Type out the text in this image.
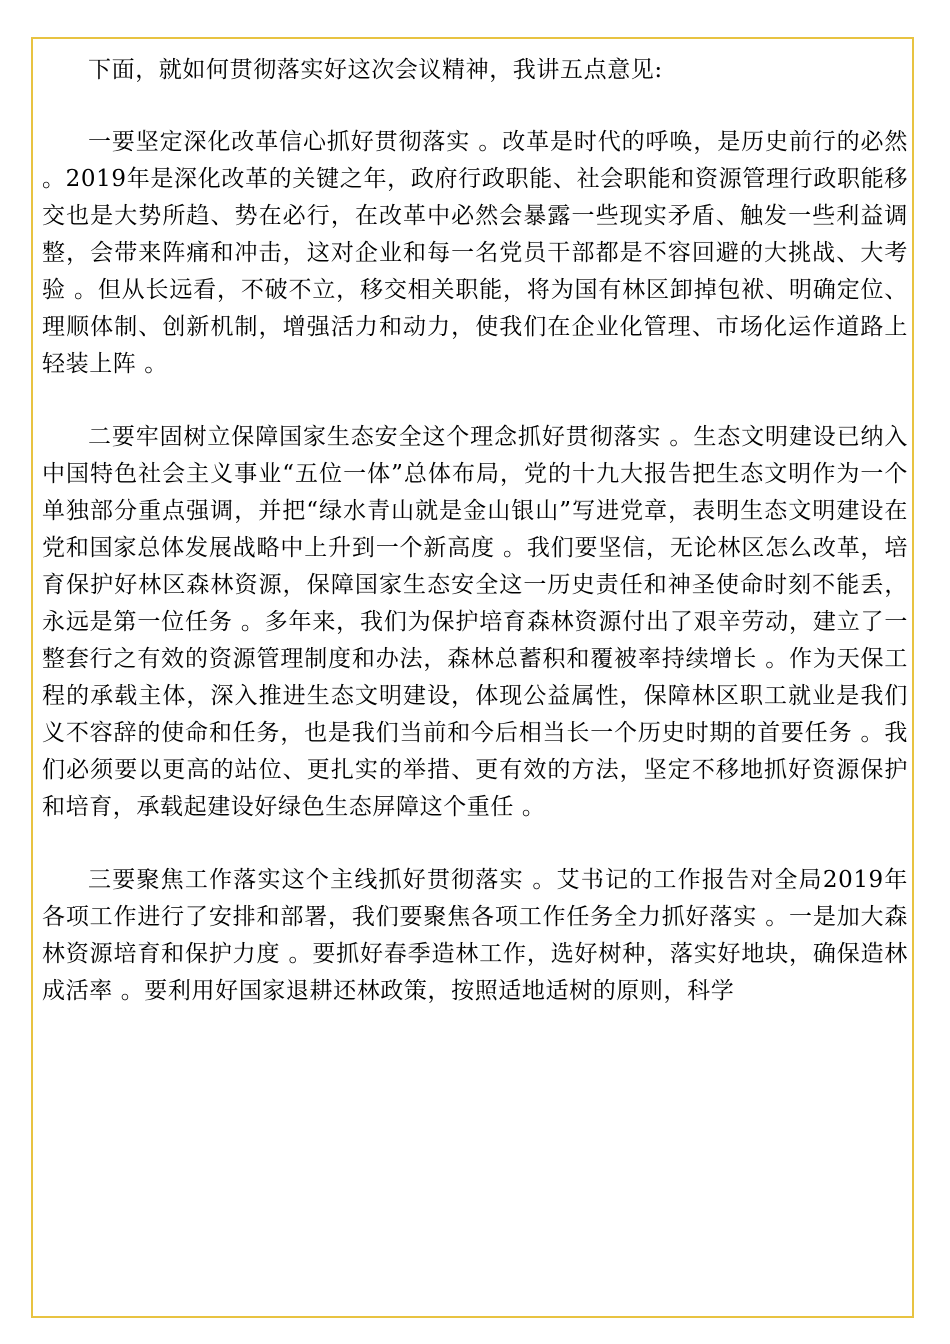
下面，就如何贯彻落实好这次会议精神，我讲五点意见:

一要坚定深化改革信心抓好贯彻落实 。改革是时代的呼唤，是历史前行的必然 。2019年是深化改革的关键之年，政府行政职能、社会职能和资源管理行政职能移交也是大势所趋、势在必行，在改革中必然会暴露一些现实矛盾、触发一些利益调整，会带来阵痛和冲击，这对企业和每一名党员干部都是不容回避的大挑战、大考验 。但从长远看，不破不立，移交相关职能，将为国有林区卸掉包袱、明确定位、理顺体制、创新机制，增强活力和动力，使我们在企业化管理、市场化运作道路上轻装上阵 。

二要牢固树立保障国家生态安全这个理念抓好贯彻落实 。生态文明建设已纳入中国特色社会主义事业“五位一体”总体布局，党的十九大报告把生态文明作为一个单独部分重点强调，并把“绿水青山就是金山银山”写进党章，表明生态文明建设在党和国家总体发展战略中上升到一个新高度 。我们要坚信，无论林区怎么改革，培育保护好林区森林资源，保障国家生态安全这一历史责任和神圣使命时刻不能丢，永远是第一位任务 。多年来，我们为保护培育森林资源付出了艰辛劳动，建立了一整套行之有效的资源管理制度和办法，森林总蓄积和覆被率持续增长 。作为天保工程的承载主体，深入推进生态文明建设，体现公益属性，保障林区职工就业是我们义不容辞的使命和任务，也是我们当前和今后相当长一个历史时期的首要任务 。我们必须要以更高的站位、更扎实的举措、更有效的方法，坚定不移地抓好资源保护和培育，承载起建设好绿色生态屏障这个重任 。

三要聚焦工作落实这个主线抓好贯彻落实 。艾书记的工作报告对全局2019年各项工作进行了安排和部署，我们要聚焦各项工作任务全力抓好落实 。一是加大森林资源培育和保护力度 。要抓好春季造林工作，选好树种，落实好地块，确保造林成活率 。要利用好国家退耕还林政策，按照适地适树的原则，科学
